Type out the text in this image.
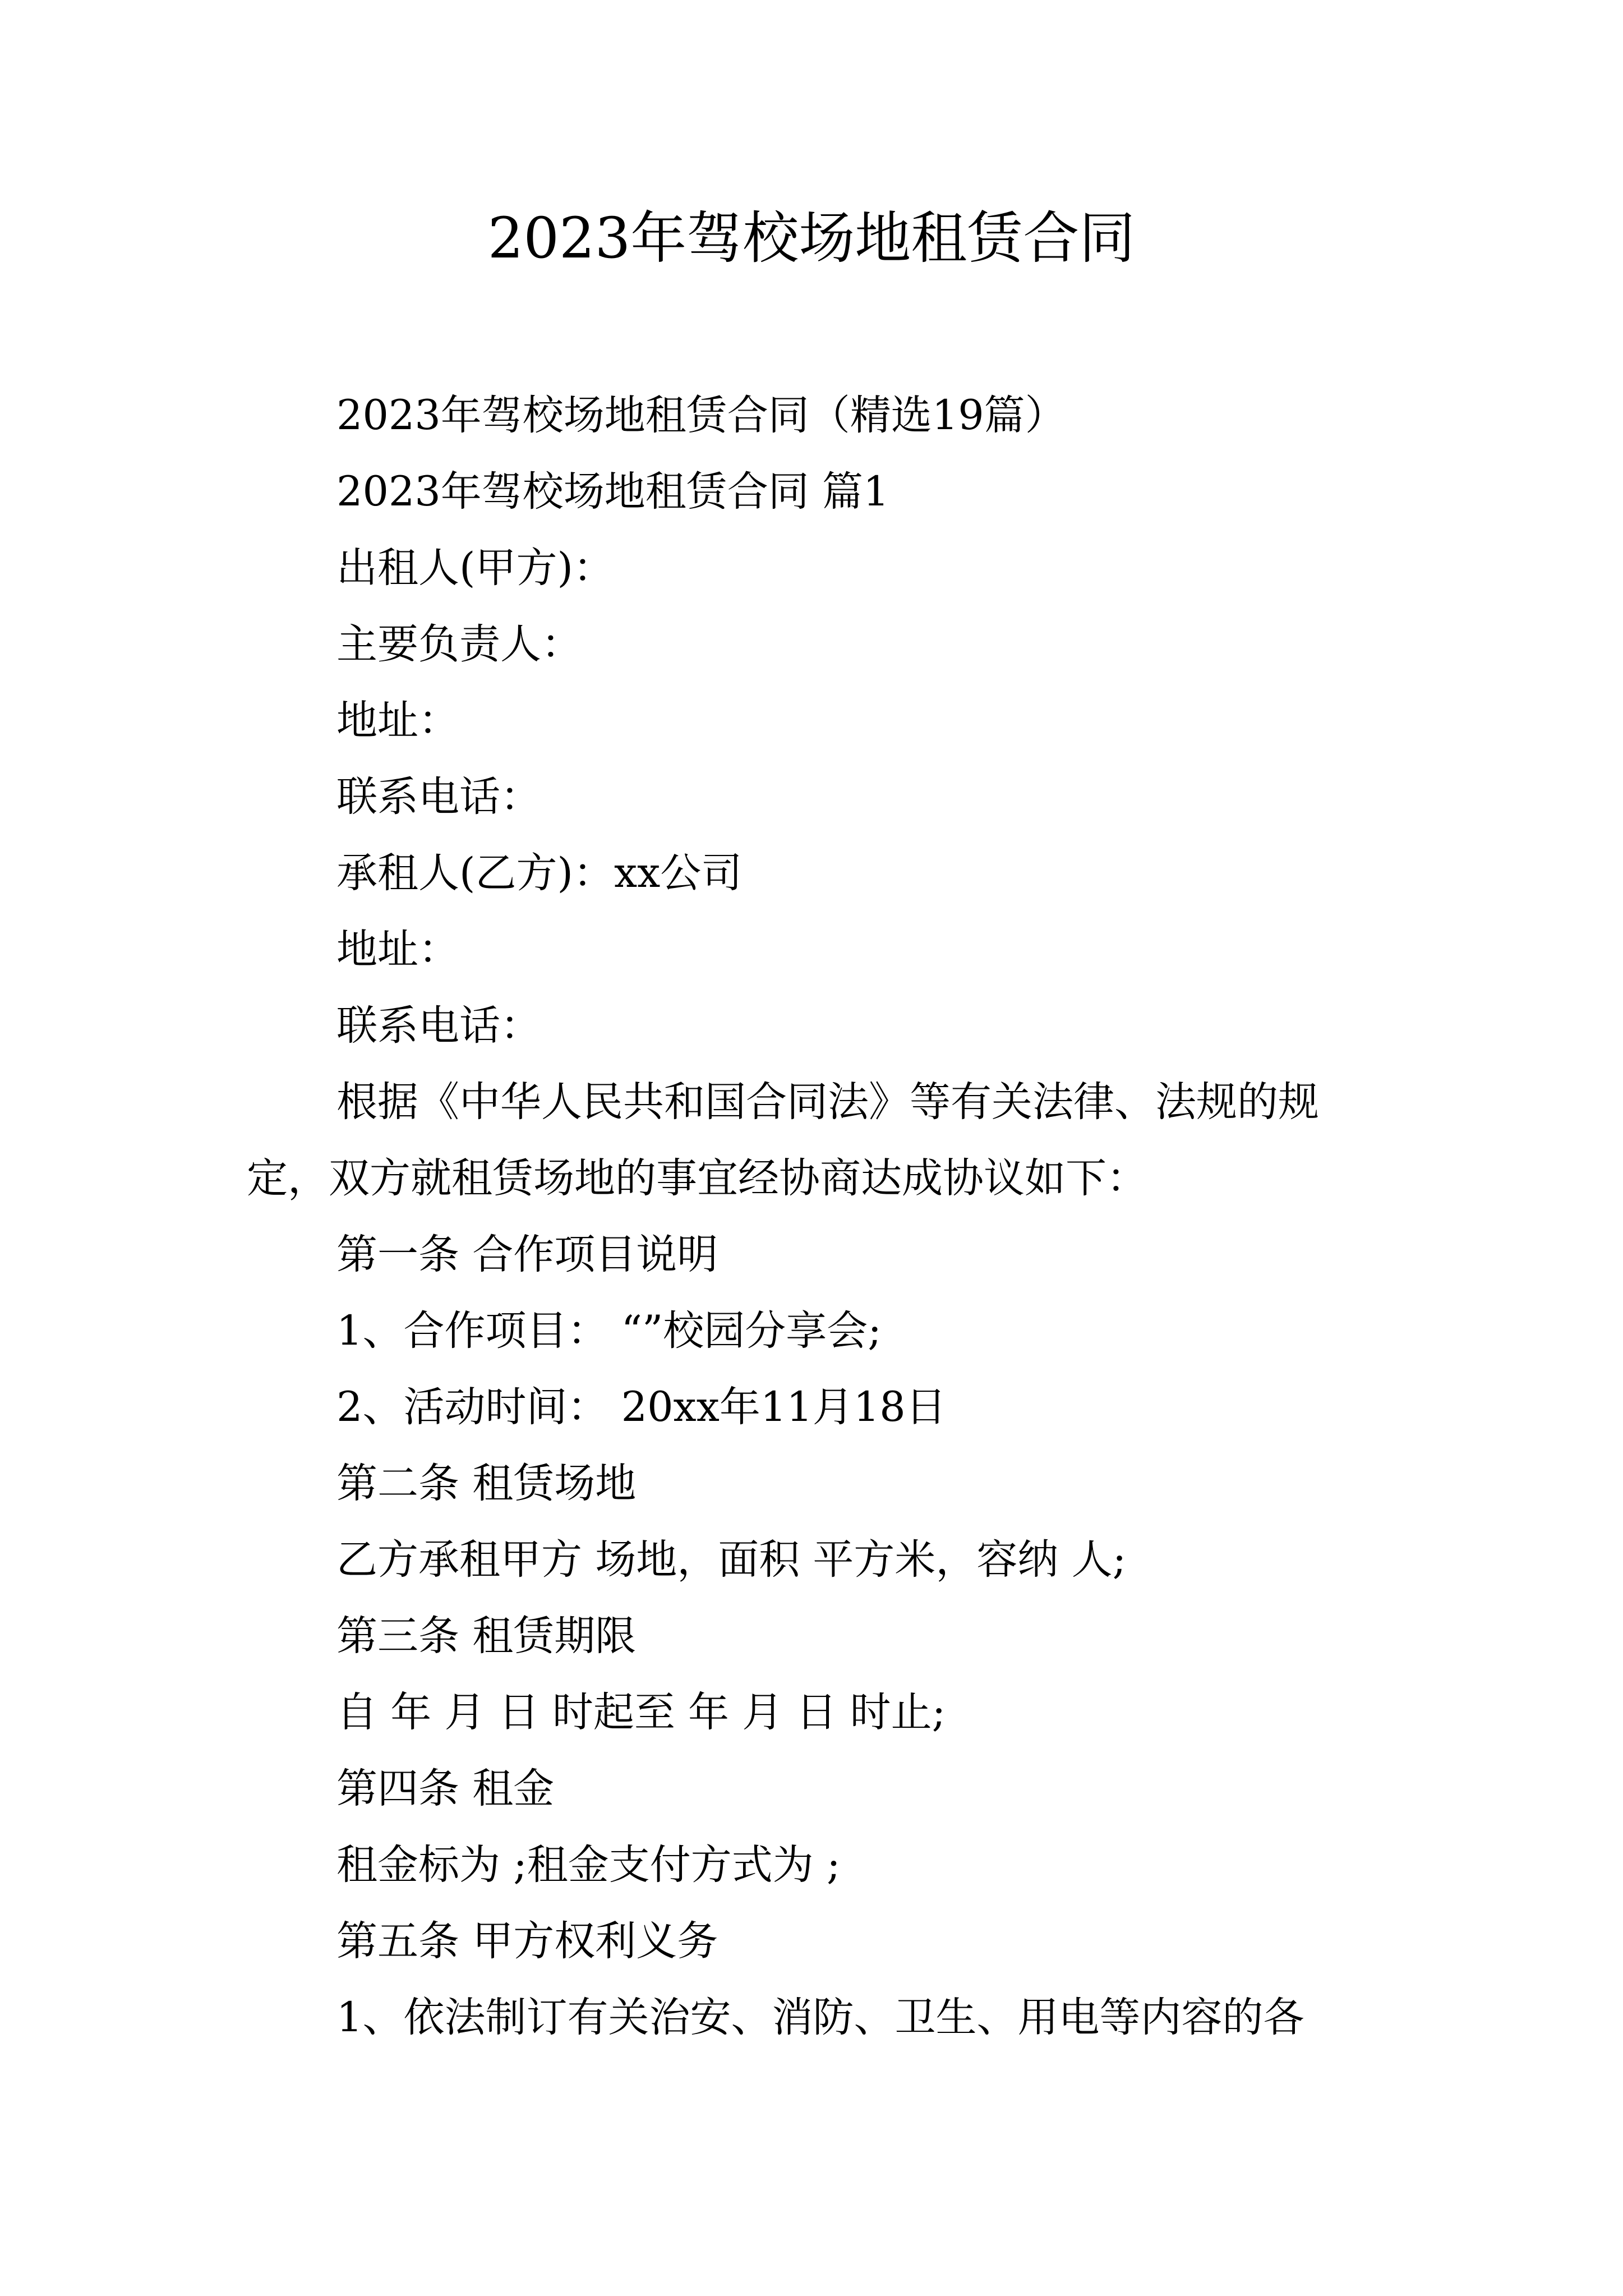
2023年驾校场地租赁合同
2023年驾校场地租赁合同（精选19篇）
2023年驾校场地租赁合同 篇1
出租人(甲方)：
主要负责人：
地址：
联系电话：
承租人(乙方)：xx公司
地址：
联系电话：
根据《中华人民共和国合同法》等有关法律、法规的规
定，双方就租赁场地的事宜经协商达成协议如下：
第一条 合作项目说明
1、合作项目： “”校园分享会;
2、活动时间： 20xx年11月18日
第二条 租赁场地
乙方承租甲方 场地，面积 平方米，容纳 人;
第三条 租赁期限
自 年 月 日 时起至 年 月 日 时止;
第四条 租金
租金标为 ;租金支付方式为 ;
第五条 甲方权利义务
1、依法制订有关治安、消防、卫生、用电等内容的各
